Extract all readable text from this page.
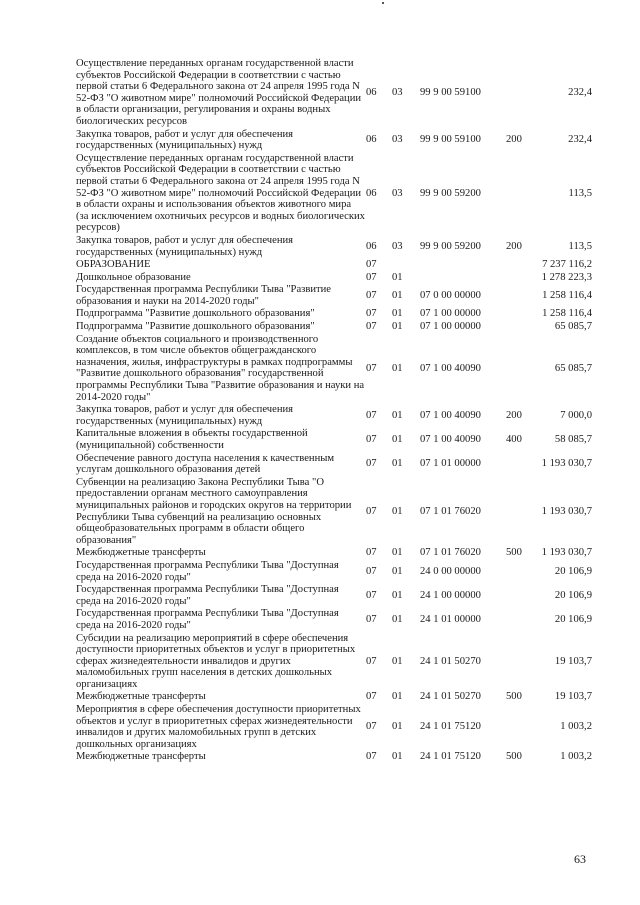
Осуществление переданных органам государственной власти субъектов Российской Федерации в соответствии с частью первой статьи 6 Федерального закона от 24 апреля 1995 года N 52-ФЗ "О животном мире" полномочий Российской Федерации в области организации, регулирования и охраны водных биологических ресурсов	06	03	99 9 00 59100		232,4
Закупка товаров, работ и услуг для обеспечения государственных (муниципальных) нужд	06	03	99 9 00 59100	200	232,4
Осуществление переданных органам государственной власти субъектов Российской Федерации в соответствии с частью первой статьи 6 Федерального закона от 24 апреля 1995 года N 52-ФЗ "О животном мире" полномочий Российской Федерации в области охраны и использования объектов животного мира (за исключением охотничьих ресурсов и водных биологических ресурсов)	06	03	99 9 00 59200		113,5
Закупка товаров, работ и услуг для обеспечения государственных (муниципальных) нужд	06	03	99 9 00 59200	200	113,5
ОБРАЗОВАНИЕ	07				7 237 116,2
Дошкольное образование	07	01			1 278 223,3
Государственная программа Республики Тыва "Развитие образования и науки на 2014-2020 годы"	07	01	07 0 00 00000		1 258 116,4
Подпрограмма "Развитие дошкольного образования"	07	01	07 1 00 00000		1 258 116,4
Подпрограмма "Развитие дошкольного образования"	07	01	07 1 00 00000		65 085,7
Создание объектов социального и производственного комплексов, в том числе объектов общегражданского назначения, жилья, инфраструктуры в рамках подпрограммы "Развитие дошкольного образования" государственной программы Республики Тыва "Развитие образования и науки на 2014-2020 годы"	07	01	07 1 00 40090		65 085,7
Закупка товаров, работ и услуг для обеспечения государственных (муниципальных) нужд	07	01	07 1 00 40090	200	7 000,0
Капитальные вложения в объекты государственной (муниципальной) собственности	07	01	07 1 00 40090	400	58 085,7
Обеспечение равного доступа населения к качественным услугам дошкольного образования детей	07	01	07 1 01 00000		1 193 030,7
Субвенции на реализацию Закона Республики Тыва "О предоставлении органам местного самоуправления муниципальных районов и городских округов на территории Республики Тыва субвенций на реализацию основных общеобразовательных программ в области общего образования"	07	01	07 1 01 76020		1 193 030,7
Межбюджетные трансферты	07	01	07 1 01 76020	500	1 193 030,7
Государственная программа Республики Тыва "Доступная среда на 2016-2020 годы"	07	01	24 0 00 00000		20 106,9
Государственная программа Республики Тыва "Доступная среда на 2016-2020 годы"	07	01	24 1 00 00000		20 106,9
Государственная программа Республики Тыва "Доступная среда на 2016-2020 годы"	07	01	24 1 01 00000		20 106,9
Субсидии на реализацию мероприятий в сфере обеспечения доступности приоритетных объектов и услуг в приоритетных сферах жизнедеятельности инвалидов и других маломобильных групп населения в детских дошкольных организациях	07	01	24 1 01 50270		19 103,7
Межбюджетные трансферты	07	01	24 1 01 50270	500	19 103,7
Мероприятия в сфере обеспечения доступности приоритетных объектов и услуг в приоритетных сферах жизнедеятельности инвалидов и других маломобильных групп в детских дошкольных организациях	07	01	24 1 01 75120		1 003,2
Межбюджетные трансферты	07	01	24 1 01 75120	500	1 003,2
63
